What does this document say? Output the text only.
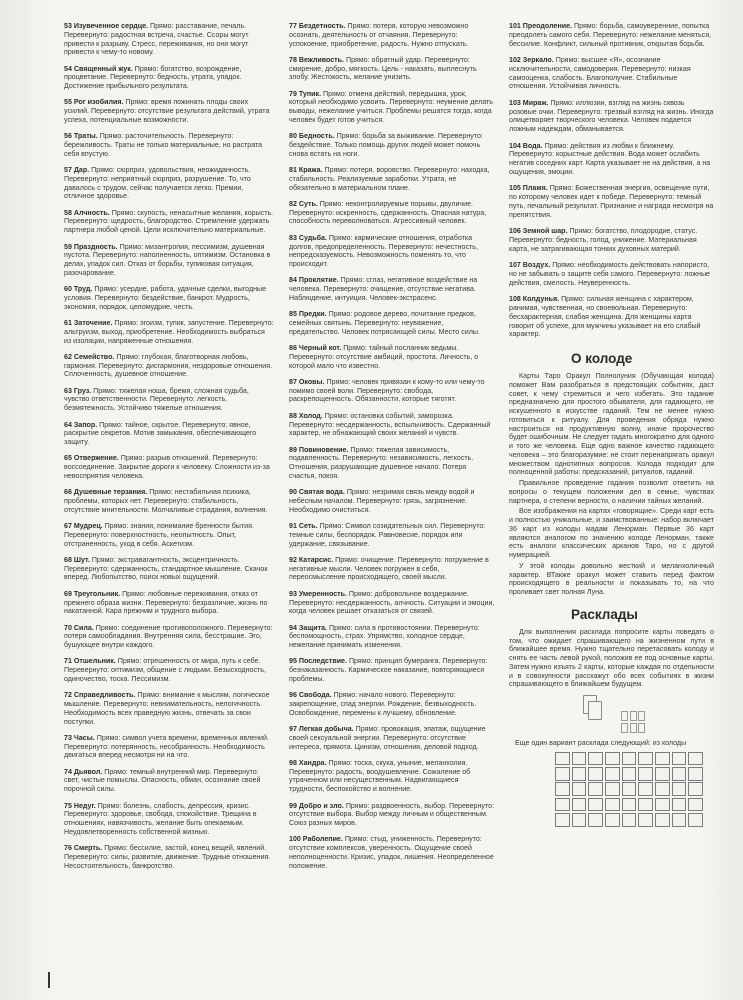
53 Изувеченное сердце. Прямо: расставание, печаль. Перевернуто: радостная встреча, счастье. Ссоры могут привести к разрыву. Стресс, переживания, но они могут привести к чему-то новому.
54 Священный жук. Прямо: богатство, возрождение, процветание. Перевернуто: бедность, утрата, упадок. Достижение прибыльного результата.
55 Рог изобилия. Прямо: время пожинать плоды своих усилий. Перевернуто: отсутствие результата действий, утрата успеха, потенциальные возможности.
56 Траты. Прямо: расточительность. Перевернуто: бережливость. Траты не только материальные, но растрата себя впустую.
57 Дар. Прямо: сюрприз, удовольствия, неожиданность. Перевернуто: неприятный сюрприз, разрушение. То, что давалось с трудом, сейчас получается легко. Премии, отличное здоровье.
58 Алчность. Прямо: скупость, ненасытные желания, корысть. Перевернуто: щедрость, благородство. Стремление удержать партнера любой ценой. Цели исключительно материальные.
59 Праздность. Прямо: мизантропия, пессимизм, душевная пустота. Перевернуто: наполненность, оптимизм. Остановка в делах, упадок сил. Отказ от борьбы, тупиковая ситуация, разочарование.
60 Труд. Прямо: усердие, работа, удачные сделки, выгодные условия. Перевернуто: бездействие, банкрот. Мудрость, экономия, порядок, целомудрие, честь.
61 Заточение. Прямо: эгоизм, тупик, запустение. Перевернуто: альтруизм, выход, приобретение. Необходимость выбраться из изоляции, напряженные отношения.
62 Семейство. Прямо: глубокая, благотворная любовь, гармония. Перевернуто: дисгармония, нездоровые отношения. Сплоченность, душевное отношение.
63 Груз. Прямо: тяжелая ноша, бремя, сложная судьба, чувство ответственности. Перевернуто: легкость, безмятежность. Устойчиво тяжелые отношения.
64 Запор. Прямо: тайное, скрытое. Перевернуто: явное, раскрытие секретов. Мотив замыкания, обеспечивающего защиту.
65 Отвержение. Прямо: разрыв отношений. Перевернуто: воссоединение. Закрытие дороги к человеку. Сложности из-за невосприятия человека.
66 Душевные терзания. Прямо: нестабильная психика, проблемы, которых нет. Перевернуто: стабильность, отсутствие мнительности. Молчаливые страдания, волнения.
67 Мудрец. Прямо: знания, понимание бренности бытия. Перевернуто: поверхностность, неопытность. Опыт, отстраненность, уход в себя. Аскетизм.
68 Шут. Прямо: экстравагантность, эксцентричность. Перевернуто: сдержанность, стандартное мышление. Скачок вперед. Любопытство, поиск новых ощущений.
69 Треугольник. Прямо: любовные переживания, отказ от прежнего образа жизни. Перевернуто: безразличие, жизнь по накатанной. Кара прежним и трудного выбора.
70 Сила. Прямо: соединение противоположного. Перевернуто: потеря самообладания. Внутренняя сила, бесстрашие. Эго, бушующее внутри каждого.
71 Отшельник. Прямо: отрешенность от мира, путь к себе. Перевернуто: оптимизм, общение с людьми. Безысходность, одиночество, тоска. Пессимизм.
72 Справедливость. Прямо: внимание к мыслям, логическое мышление. Перевернуто: невнимательность, нелогичность. Необходимость всех праведную жизнь, отвечать за свои поступки.
73 Часы. Прямо: символ учета времени, временных явлений. Перевернуто: потерянность, несобранность. Необходимость двигаться вперед несмотря ни на что.
74 Дьявол. Прямо: темный внутренний мир. Перевернуто: свет, чистые помыслы. Опасность, обман, осознание своей порочной силы.
75 Недуг. Прямо: болезнь, слабость, депрессия, кризис. Перевернуто: здоровье, свобода, спокойствие. Трещина в отношениях, навязчивость, желание быть опекаемым. Неудовлетворенность собственной жизнью.
76 Смерть. Прямо: бессилие, застой, конец вещей, явлений. Перевернуто: силы, развитие, движение. Трудные отношения. Несостоятельность, банкротство.
77 Бездетность. Прямо: потеря, которую невозможно осознать, деятельность от отчаяния. Перевернуто: успокоение, приобретение, радость. Нужно отпускать.
78 Вежливость. Прямо: обратный удар. Перевернуто: смирение, добро, мягкость. Цель - наказать, выплеснуть злобу. Жестокость, желание унизить.
79 Тупик. Прямо: отмена действий, передышка, урок, который необходимо усвоить. Перевернуто: неумение делать выводы, нежелание учиться. Проблемы решатся тогда, когда человек будет готов учиться.
80 Бедность. Прямо: борьба за выживание. Перевернуто: бездействие. Только помощь других людей может помочь снова встать на ноги.
81 Кража. Прямо: потеря, воровство. Перевернуто: находка, стабильность. Реализуемые заработки. Утрата, не обязательно в материальном плане.
82 Суть. Прямо: неконтролируемые порывы, двуличие. Перевернуто: искренность, сдержанность. Опасная натура, способность переволноваться. Агрессивный человек.
83 Судьба. Прямо: кармические отношения, отработка долгов, предопределенность. Перевернуто: нечестность, непредсказуемость. Невозможность поменять то, что происходит.
84 Проклятие. Прямо: сглаз, негативное воздействие на человека. Перевернуто: очищение, отсутствие негатива. Наблюдение, интуиция. Человек-экстрасенс.
85 Предки. Прямо: родовое дерево, почитание предков, семейных святынь. Перевернуто: неуважение, предательство. Человек потрясающей силы. Место силы.
86 Черный кот. Прямо: тайный посланник ведьмы. Перевернуто: отсутствие амбиций, простота. Личность, о которой мало что известно.
87 Оковы. Прямо: человек привязан к кому-то или чему-то помимо своей воли. Перевернуто: свобода, раскрепощенность. Обязанности, которые тяготят.
88 Холод. Прямо: остановка событий, заморозка. Перевернуто: несдержанность, вспыльчивость. Сдержанный характер, не обнажающий своих желаний и чувств.
89 Повиновение. Прямо: тяжелая зависимость, подавленность. Перевернуто: независимость, легкость. Отношения, разрушающие душевное начало. Потеря счастья, покоя.
90 Святая вода. Прямо: незримая связь между водой и небесным началом. Перевернуто: грязь, загрязнение. Необходимо очиститься.
91 Сеть. Прямо: Символ созидательных сил. Перевернуто: темные силы, беспорядок. Равновесие, порядок или удержание, связывание.
92 Катарсис. Прямо: очищение. Перевернуто: погружение в негативные мысли. Человек погружен в себя, переосмысление происходящего, своей мысли.
93 Умеренность. Прямо: добровольное воздержание. Перевернуто: несдержанность, алчность. Ситуации и эмоции, когда человек решает отказаться от связей.
94 Защита. Прямо: сила в противостоянии. Перевернуто: беспомощность, страх. Упрямство, холодное сердце, нежелание принимать изменения.
95 Последствие. Прямо: принцип бумеранга. Перевернуто: безнаказанность. Кармическое наказание, повторяющиеся проблемы.
96 Свобода. Прямо: начало нового. Перевернуто: закрепощение, спад энергии. Рождение, безвыходность. Освобождение, перемены к лучшему, обновление.
97 Легкая добыча. Прямо: провокация, эпатаж, ощущение своей сексуальной энергии. Перевернуто: отсутствие интереса, прямота. Цинизм, отношения, деловой подход.
98 Хандра. Прямо: тоска, скука, уныние, меланхолия. Перевернуто: радость, воодушевление. Сожаление об утраченном или несущественным. Надвигающиеся трудности, беспокойство и волнение.
99 Добро и зло. Прямо: раздвоенность, выбор. Перевернуто: отсутствие выбора. Выбор между личным и общественным. Союз разных миров.
100 Раболепие. Прямо: стыд, униженность. Перевернуто: отсутствие комплексов, уверенность. Ощущение своей неполноценности. Кризис, упадок, лишения. Неопределенное положение.
101 Преодоление. Прямо: борьба, самоуверенние, попытка преодолеть самого себя. Перевернуто: нежелание меняться, бессилие. Конфликт, сильный противник, открытая борьба.
102 Зеркало. Прямо: высшее «Я», осознание исключительности, самодоверия. Перевернуто: низкая самооценка, слабость. Благополучие. Стабильные отношения. Устойчивая личность.
103 Мираж. Прямо: иллюзии, взгляд на жизнь сквозь розовые очки. Перевернуто: трезвый взгляд на жизнь. Иногда олицетворяет творческого человека. Человек подается ложным надеждам, обманывается.
104 Вода. Прямо: действия из любви к ближнему. Перевернуто: корыстные действия. Вода может ослабить негатив соседних карт. Карта указывает не на действия, а на ощущения, эмоции.
105 Пламя. Прямо: Божественная энергия, освещение пути, по которому человек идет к победе. Перевернуто: темный путь, печальный результат. Признание и награда несмотря на препятствия.
106 Земной шар. Прямо: богатство, плодородие, статус. Перевернуто: бедность, голод, унижение. Материальная карта, не затрагивающая тонких духовных материй.
107 Воздух. Прямо: необходимость действовать напористо, но не забывать о защите себя самого. Перевернуто: ложные действия, смелость. Неуверенность.
108 Колдунья. Прямо: сильная женщина с характером, ранимая, чувственная, но своевольная. Перевернуто: бесхарактерная, слабая женщина. Для женщины карта говорит об успехе, для мужчины указывает на его слабый характер.
О колоде

Карты Таро Оракул Полнолуния (Обучающая колода) поможет Вам разобраться в предстоящих событиях, даст совет, к чему стремиться и чего избегать. Это гадание предназначено для простого обывателя, для гадающего, не искушенного в искусстве гаданий. Тем не менее нужно готовиться к ритуалу. Для проведения обряда нужно настроиться на продуктивную волну, иначе пророчество будет ошибочным. Не следует гадать многократно для одного и того же человека. Еще одно важное качество гадающего человека – это благоразумие: не стоит перенапрягать оракул множеством однотипных вопросов. Колода подходит для полноценной работы: предсказаний, ритуалов, гаданий.

Правильное проведение гадания позволит ответить на вопросы о текущем положении дел в семье, чувствах партнера, о степени верности, о наличии тайных желаний.

Все изображения на картах «говорящие». Среди карт есть и полностью уникальные, и заимствованные: набор включает 36 карт из колоды мадам Ленорман. Первые 36 карт являются аналогом по значению колоде Ленорман, также есть аналоги классических арканов Таро, но с другой нумерацией.

У этой колоды довольно жесткий и меланхоличный характер. ВТакже оракул может ставить перед фактом происходящего в реальности и показывать то, на что проливает свет полная Луна.

Расклады

Для выполнения расклада попросите карты поведать о том, что ожидает спрашивающего на жизненном пути в ближайшее время. Нужно тщательно перетасовать колоду и снять ее часть левой рукой, положив ее под основные карты. Затем нужно изъять 2 карты, которые каждая по отдельности и в совокупности расскажут обо всех событиях в жизни спрашивающего в ближайшем будущем.

Еще один вариант расклада следующий: из колоды
